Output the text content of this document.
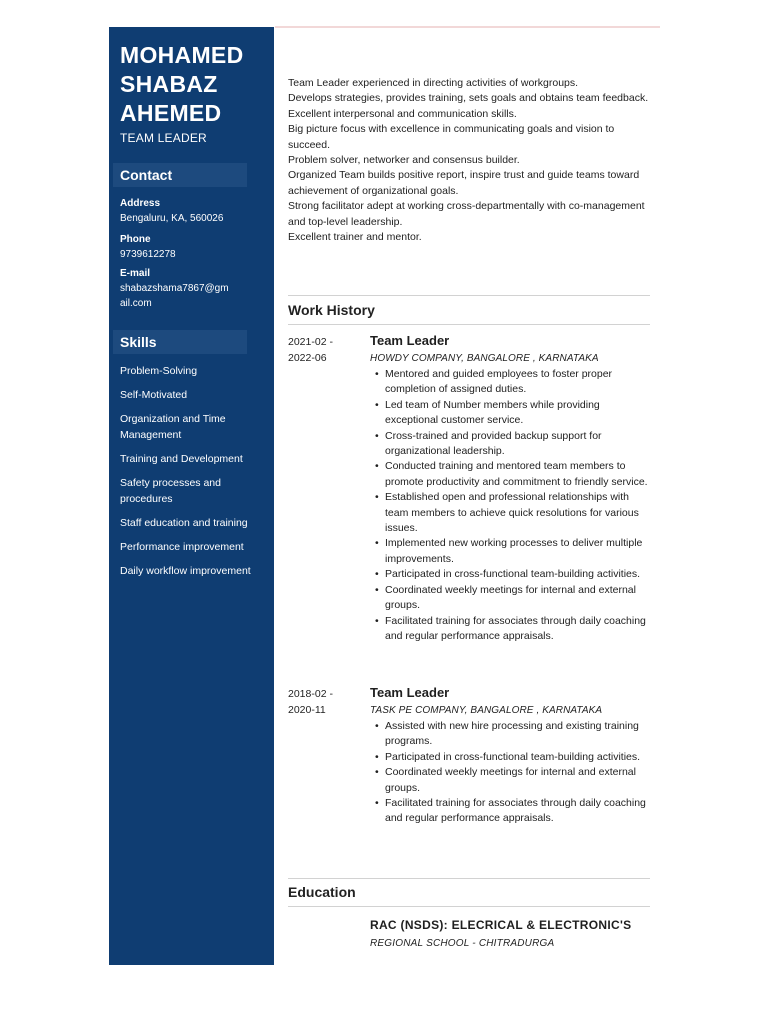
MOHAMED
SHABAZ
AHEMED
TEAM LEADER
Contact
Address
Bengaluru, KA, 560026
Phone
9739612278
E-mail
shabazshama7867@gmail.com
Skills
Problem-Solving
Self-Motivated
Organization and Time Management
Training and Development
Safety processes and procedures
Staff education and training
Performance improvement
Daily workflow improvement
Team Leader experienced in directing activities of workgroups.
Develops strategies, provides training, sets goals and obtains team feedback.
Excellent interpersonal and communication skills.
Big picture focus with excellence in communicating goals and vision to succeed.
Problem solver, networker and consensus builder.
Organized Team builds positive report, inspire trust and guide teams toward achievement of organizational goals.
Strong facilitator adept at working cross-departmentally with co-management and top-level leadership.
Excellent trainer and mentor.
Work History
2021-02 -
2022-06
Team Leader
HOWDY COMPANY, BANGALORE , KARNATAKA
• Mentored and guided employees to foster proper completion of assigned duties.
• Led team of Number members while providing exceptional customer service.
• Cross-trained and provided backup support for organizational leadership.
• Conducted training and mentored team members to promote productivity and commitment to friendly service.
• Established open and professional relationships with team members to achieve quick resolutions for various issues.
• Implemented new working processes to deliver multiple improvements.
• Participated in cross-functional team-building activities.
• Coordinated weekly meetings for internal and external groups.
• Facilitated training for associates through daily coaching and regular performance appraisals.
2018-02 -
2020-11
Team Leader
TASK PE COMPANY, BANGALORE , KARNATAKA
• Assisted with new hire processing and existing training programs.
• Participated in cross-functional team-building activities.
• Coordinated weekly meetings for internal and external groups.
• Facilitated training for associates through daily coaching and regular performance appraisals.
Education
RAC (NSDS): ELECRICAL & ELECTRONIC'S
REGIONAL SCHOOL - CHITRADURGA
